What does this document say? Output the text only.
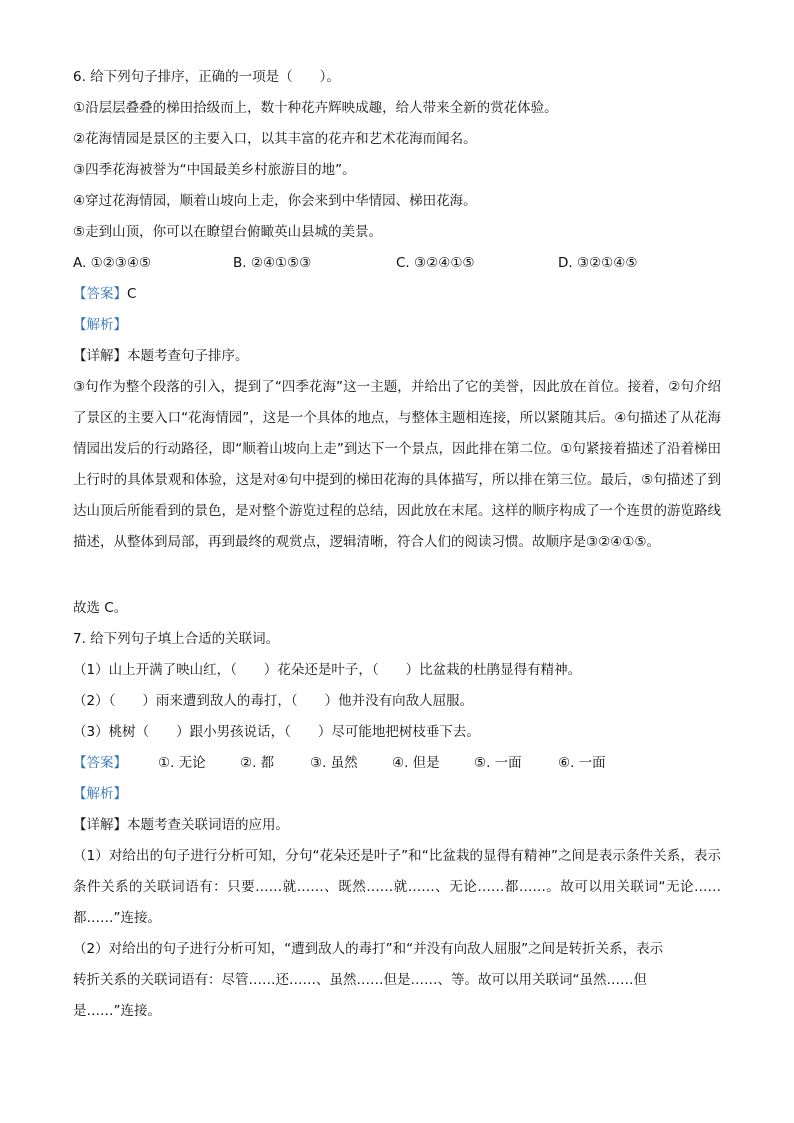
6. 给下列句子排序，正确的一项是（　　）。
①沿层层叠叠的梯田拾级而上，数十种花卉辉映成趣，给人带来全新的赏花体验。
②花海情园是景区的主要入口，以其丰富的花卉和艺术花海而闻名。
③四季花海被誉为“中国最美乡村旅游目的地”。
④穿过花海情园，顺着山坡向上走，你会来到中华情园、梯田花海。
⑤走到山顶，你可以在瞭望台俯瞰英山县城的美景。
A. ①②③④⑤	B. ②④①⑤③	C. ③②④①⑤	D. ③②①④⑤
【答案】C
【解析】
【详解】本题考查句子排序。
③句作为整个段落的引入，提到了“四季花海”这一主题，并给出了它的美誉，因此放在首位。接着，②句介绍了景区的主要入口“花海情园”，这是一个具体的地点，与整体主题相连接，所以紧随其后。④句描述了从花海情园出发后的行动路径，即“顺着山坡向上走”到达下一个景点，因此排在第二位。①句紧接着描述了沿着梯田上行时的具体景观和体验，这是对④句中提到的梯田花海的具体描写，所以排在第三位。最后，⑤句描述了到达山顶后所能看到的景色，是对整个游览过程的总结，因此放在末尾。这样的顺序构成了一个连贯的游览路线描述，从整体到局部，再到最终的观赏点，逻辑清晰，符合人们的阅读习惯。故顺序是③②④①⑤。
故选 C。
7. 给下列句子填上合适的关联词。
（1）山上开满了映山红，（　　）花朵还是叶子，（　　）比盆栽的杜鹃显得有精神。
（2）（　　）雨来遭到敌人的毒打，（　　）他并没有向敌人屈服。
（3）桃树（　　）跟小男孩说话，（　　）尽可能地把树枝垂下去。
【答案】 ①. 无论	②. 都	③. 虽然	④. 但是	⑤. 一面	⑥. 一面
【解析】
【详解】本题考查关联词语的应用。
（1）对给出的句子进行分析可知，分句“花朵还是叶子”和“比盆栽的显得有精神”之间是表示条件关系，表示条件关系的关联词语有：只要……就……、既然……就……、无论……都……。故可以用关联词“无论……都……”连接。
（2）对给出的句子进行分析可知，“遭到敌人的毒打”和“并没有向敌人屈服”之间是转折关系，表示
转折关系的关联词语有：尽管……还……、虽然……但是……、等。故可以用关联词“虽然……但
是……”连接。
